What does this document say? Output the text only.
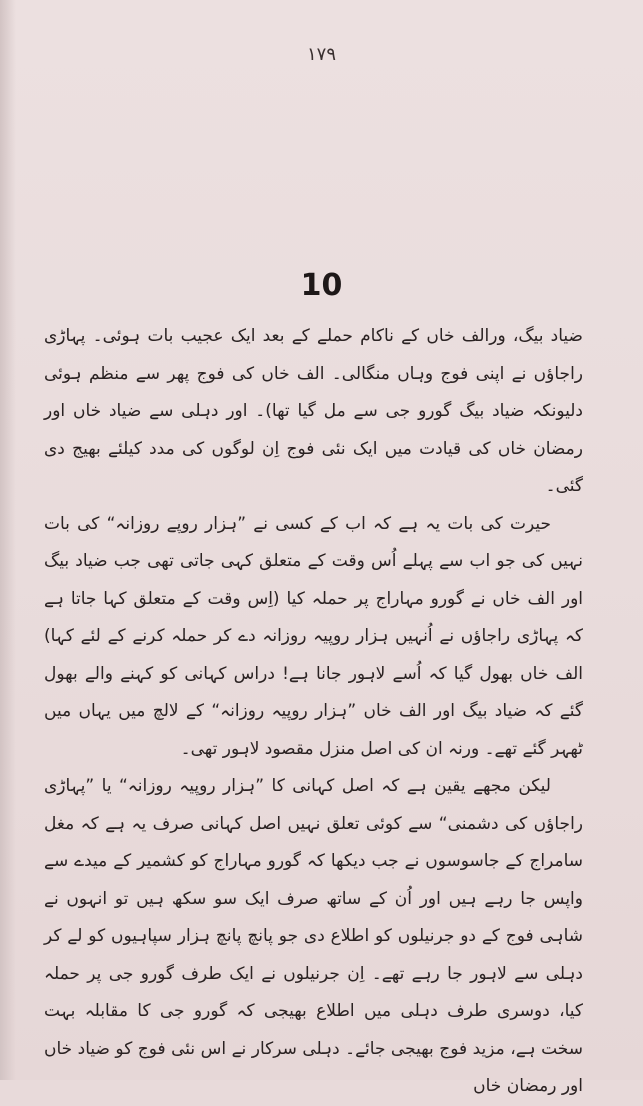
۱۷۹
10

ضیاد بیگ، ورالف خاں کے ناکام حملے کے بعد ایک عجیب بات ہوئی۔ پہاڑی راجاؤں نے اپنی فوج وہاں منگالی۔ الف خاں کی فوج پھر سے منظم ہوئی دلیونکہ ضیاد بیگ گورو جی سے مل گیا تھا)۔ اور دہلی سے ضیاد خاں اور رمضان خاں کی قیادت میں ایک نئی فوج اِن لوگوں کی مدد کیلئے بھیج دی گئی۔

حیرت کی بات یہ ہے کہ اب کے کسی نے ”ہزار روپے روزانہ“ کی بات نہیں کی جو اب سے پہلے اُس وقت کے متعلق کہی جاتی تھی جب ضیاد بیگ اور الف خاں نے گورو مہاراج پر حملہ کیا (اِس وقت کے متعلق کہا جاتا ہے کہ پہاڑی راجاؤں نے اُنہیں ہزار روپیہ روزانہ دے کر حملہ کرنے کے لئے کہا) الف خاں بھول گیا کہ اُسے لاہور جانا ہے! دراس کہانی کو کہنے والے بھول گئے کہ ضیاد بیگ اور الف خاں ”ہزار روپیہ روزانہ“ کے لالچ میں یہاں میں ٹھہر گئے تھے۔ ورنہ ان کی اصل منزل مقصود لاہور تھی۔

لیکن مجھے یقین ہے کہ اصل کہانی کا ”ہزار روپیہ روزانہ“ یا ”پہاڑی راجاؤں کی دشمنی“ سے کوئی تعلق نہیں اصل کہانی صرف یہ ہے کہ مغل سامراج کے جاسوسوں نے جب دیکھا کہ گورو مہاراج کو کشمیر کے میدے سے واپس جا رہے ہیں اور اُن کے ساتھ صرف ایک سو سکھ ہیں تو انہوں نے شاہی فوج کے دو جرنیلوں کو اطلاع دی جو پانچ پانچ ہزار سپاہیوں کو لے کر دہلی سے لاہور جا رہے تھے۔ اِن جرنیلوں نے ایک طرف گورو جی پر حملہ کیا، دوسری طرف دہلی میں اطلاع بھیجی کہ گورو جی کا مقابلہ بہت سخت ہے، مزید فوج بھیجی جائے۔ دہلی سرکار نے اس نئی فوج کو ضیاد خاں اور رمضان خاں
